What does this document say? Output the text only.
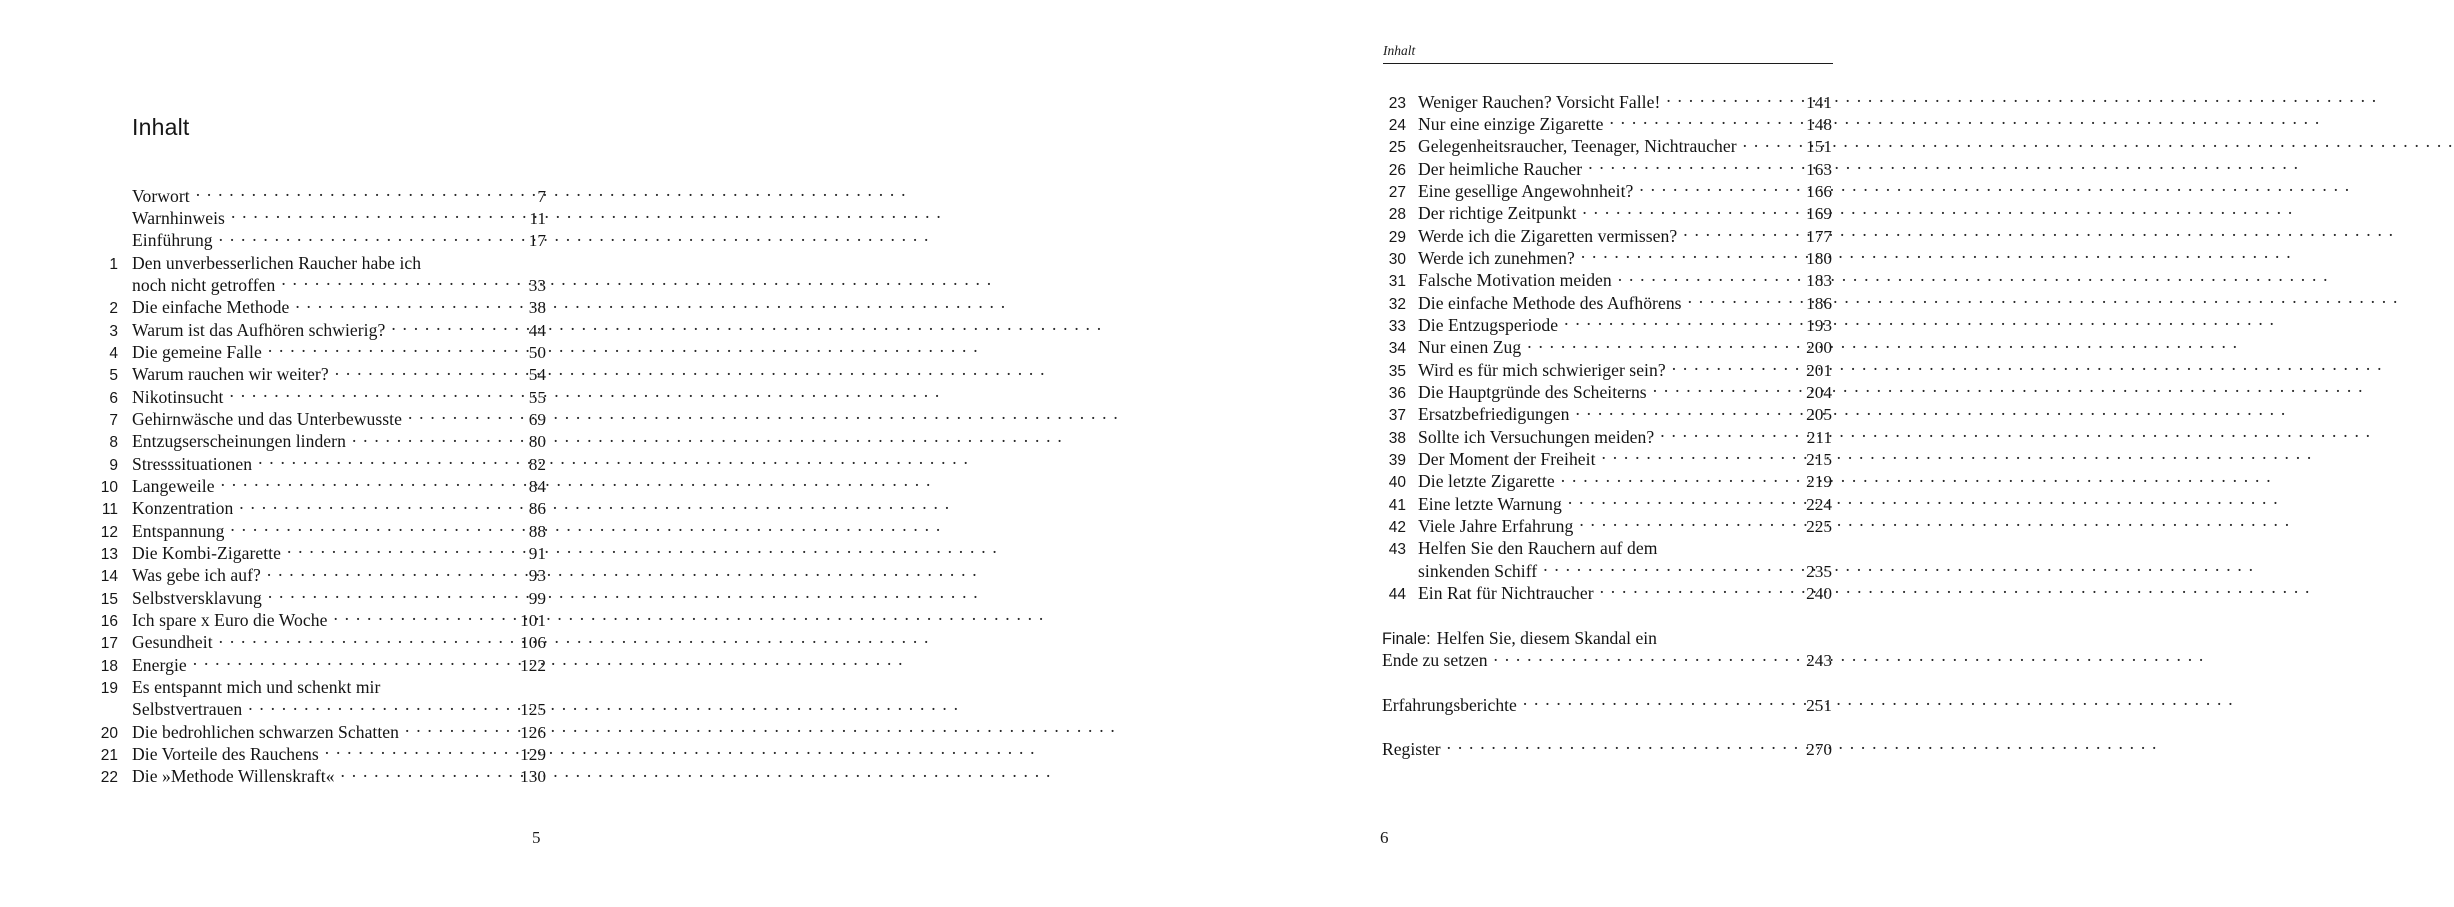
Inhalt
Vorwort . . .	7
Warnhinweis . . .	11
Einführung . . .	17
1 Den unverbesserlichen Raucher habe ich
noch nicht getroffen . . .	33
2 Die einfache Methode . . .	38
3 Warum ist das Aufhören schwierig? . . .	44
4 Die gemeine Falle . . .	50
5 Warum rauchen wir weiter? . . .	54
6 Nikotinsucht . . .	55
7 Gehirnwäsche und das Unterbewusste . . .	69
8 Entzugserscheinungen lindern . . .	80
9 Stresssituationen . . .	82
10 Langeweile . . .	84
11 Konzentration . . .	86
12 Entspannung . . .	88
13 Die Kombi-Zigarette . . .	91
14 Was gebe ich auf? . . .	93
15 Selbstversklavung . . .	99
16 Ich spare x Euro die Woche . . .	101
17 Gesundheit . . .	106
18 Energie . . .	122
19 Es entspannt mich und schenkt mir
Selbstvertrauen . . .	125
20 Die bedrohlichen schwarzen Schatten . . .	126
21 Die Vorteile des Rauchens . . .	129
22 Die »Methode Willenskraft« . . .	130
5
Inhalt
23 Weniger Rauchen? Vorsicht Falle! . . .	141
24 Nur eine einzige Zigarette . . .	148
25 Gelegenheitsraucher, Teenager, Nichtraucher . . .	151
26 Der heimliche Raucher . . .	163
27 Eine gesellige Angewohnheit? . . .	166
28 Der richtige Zeitpunkt . . .	169
29 Werde ich die Zigaretten vermissen? . . .	177
30 Werde ich zunehmen? . . .	180
31 Falsche Motivation meiden . . .	183
32 Die einfache Methode des Aufhörens . . .	186
33 Die Entzugsperiode . . .	193
34 Nur einen Zug . . .	200
35 Wird es für mich schwieriger sein? . . .	201
36 Die Hauptgründe des Scheiterns . . .	204
37 Ersatzbefriedigungen . . .	205
38 Sollte ich Versuchungen meiden? . . .	211
39 Der Moment der Freiheit . . .	215
40 Die letzte Zigarette . . .	219
41 Eine letzte Warnung . . .	224
42 Viele Jahre Erfahrung . . .	225
43 Helfen Sie den Rauchern auf dem
sinkenden Schiff . . .	235
44 Ein Rat für Nichtraucher . . .	240
Finale: Helfen Sie, diesem Skandal ein
Ende zu setzen . . .	243
Erfahrungsberichte . . .	251
Register . . .	270
6
